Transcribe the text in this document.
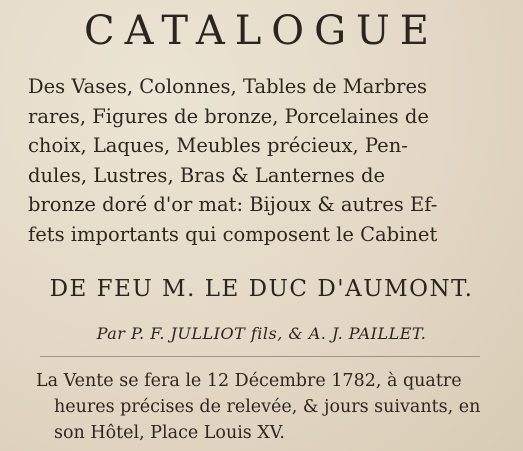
CATALOGUE
Des Vases, Colonnes, Tables de Marbres
rares, Figures de bronze, Porcelaines de
choix, Laques, Meubles précieux, Pen-
dules, Lustres, Bras & Lanternes de
bronze doré d'or mat: Bijoux & autres Ef-
fets importants qui composent le Cabinet
DE FEU M. LE DUC D'AUMONT.
Par P. F. JULLIOT fils, & A. J. PAILLET.
La Vente se fera le 12 Décembre 1782, à quatre
heures précises de relevée, & jours suivants, en
son Hôtel, Place Louis XV.
